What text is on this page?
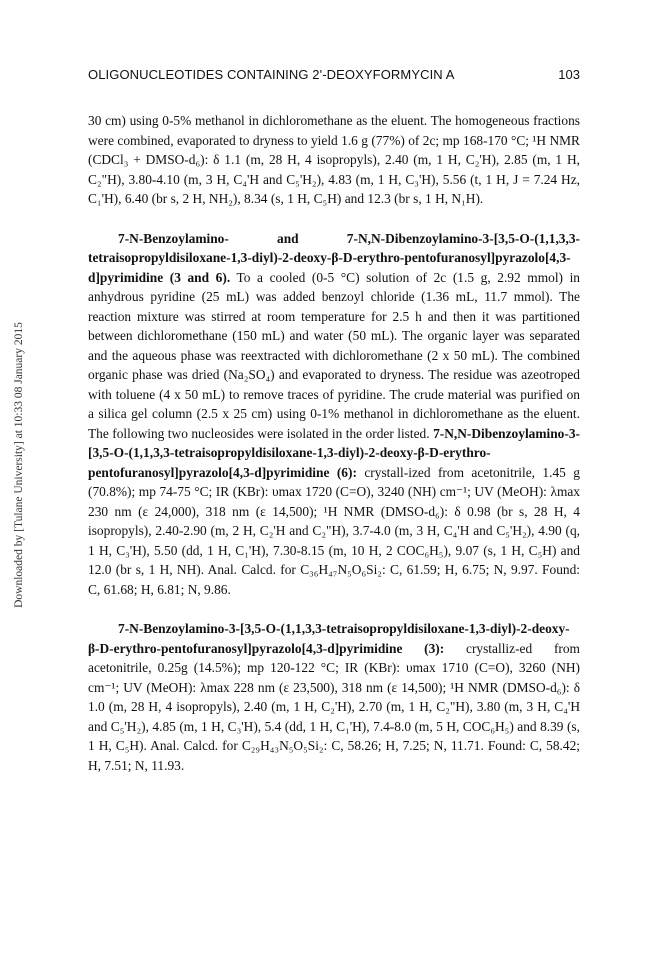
Downloaded by [Tulane University] at 10:33 08 January 2015
OLIGONUCLEOTIDES CONTAINING 2'-DEOXYFORMYCIN A	103

30 cm) using 0-5% methanol in dichloromethane as the eluent. The homogeneous fractions were combined, evaporated to dryness to yield 1.6 g (77%) of 2c; mp 168-170 °C; ¹H NMR (CDCl₃ + DMSO-d₆): δ 1.1 (m, 28 H, 4 isopropyls), 2.40 (m, 1 H, C₂'H), 2.85 (m, 1 H, C₂"H), 3.80-4.10 (m, 3 H, C₄'H and C₅'H₂), 4.83 (m, 1 H, C₃'H), 5.56 (t, 1 H, J = 7.24 Hz, C₁'H), 6.40 (br s, 2 H, NH₂), 8.34 (s, 1 H, C₅H) and 12.3 (br s, 1 H, N₁H).

7-N-Benzoylamino- and 7-N,N-Dibenzoylamino-3-[3,5-O-(1,1,3,3-tetraisopropyldisiloxane-1,3-diyl)-2-deoxy-β-D-erythro-pentofuranosyl]pyrazolo[4,3-d]pyrimidine (3 and 6). To a cooled (0-5 °C) solution of 2c (1.5 g, 2.92 mmol) in anhydrous pyridine (25 mL) was added benzoyl chloride (1.36 mL, 11.7 mmol). The reaction mixture was stirred at room temperature for 2.5 h and then it was partitioned between dichloromethane (150 mL) and water (50 mL). The organic layer was separated and the aqueous phase was reextracted with dichloromethane (2 x 50 mL). The combined organic phase was dried (Na₂SO₄) and evaporated to dryness. The residue was azeotroped with toluene (4 x 50 mL) to remove traces of pyridine. The crude material was purified on a silica gel column (2.5 x 25 cm) using 0-1% methanol in dichloromethane as the eluent. The following two nucleosides were isolated in the order listed. 7-N,N-Dibenzoylamino-3-[3,5-O-(1,1,3,3-tetraisopropyldisiloxane-1,3-diyl)-2-deoxy-β-D-erythro-pentofuranosyl]pyrazolo[4,3-d]pyrimidine (6): crystall-ized from acetonitrile, 1.45 g (70.8%); mp 74-75 °C; IR (KBr): υmax 1720 (C=O), 3240 (NH) cm⁻¹; UV (MeOH): λmax 230 nm (ε 24,000), 318 nm (ε 14,500); ¹H NMR (DMSO-d₆): δ 0.98 (br s, 28 H, 4 isopropyls), 2.40-2.90 (m, 2 H, C₂'H and C₂"H), 3.7-4.0 (m, 3 H, C₄'H and C₅'H₂), 4.90 (q, 1 H, C₃'H), 5.50 (dd, 1 H, C₁'H), 7.30-8.15 (m, 10 H, 2 COC₆H₅), 9.07 (s, 1 H, C₅H) and 12.0 (br s, 1 H, NH). Anal. Calcd. for C₃₆H₄₇N₅O₆Si₂: C, 61.59; H, 6.75; N, 9.97. Found: C, 61.68; H, 6.81; N, 9.86.

7-N-Benzoylamino-3-[3,5-O-(1,1,3,3-tetraisopropyldisiloxane-1,3-diyl)-2-deoxy-β-D-erythro-pentofuranosyl]pyrazolo[4,3-d]pyrimidine (3): crystalliz-ed from acetonitrile, 0.25g (14.5%); mp 120-122 °C; IR (KBr): υmax 1710 (C=O), 3260 (NH) cm⁻¹; UV (MeOH): λmax 228 nm (ε 23,500), 318 nm (ε 14,500); ¹H NMR (DMSO-d₆): δ 1.0 (m, 28 H, 4 isopropyls), 2.40 (m, 1 H, C₂'H), 2.70 (m, 1 H, C₂"H), 3.80 (m, 3 H, C₄'H and C₅'H₂), 4.85 (m, 1 H, C₃'H), 5.4 (dd, 1 H, C₁'H), 7.4-8.0 (m, 5 H, COC₆H₅) and 8.39 (s, 1 H, C₅H). Anal. Calcd. for C₂₉H₄₃N₅O₅Si₂: C, 58.26; H, 7.25; N, 11.71. Found: C, 58.42; H, 7.51; N, 11.93.
